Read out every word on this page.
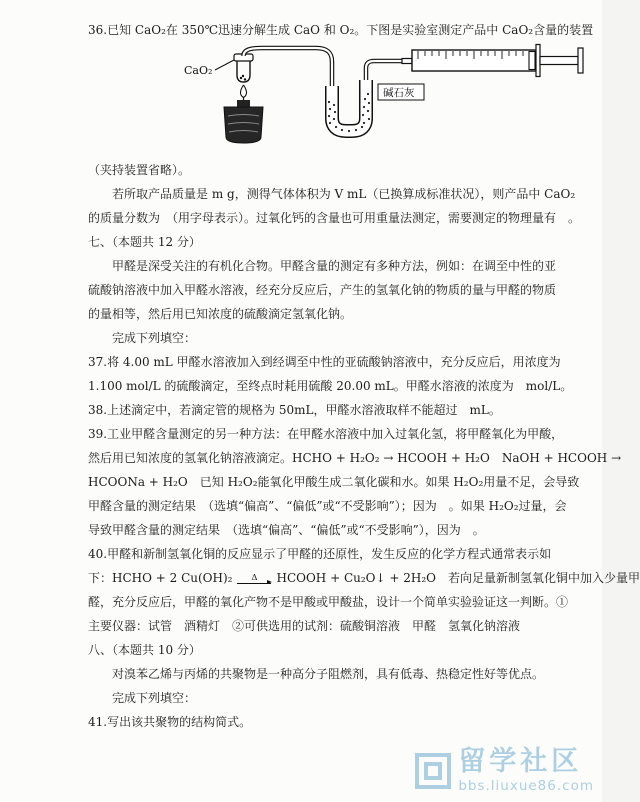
36.已知 CaO₂在 350℃迅速分解生成 CaO 和 O₂。下图是实验室测定产品中 CaO₂含量的装置
CaO₂
碱石灰
（夹持装置省略）。
若所取产品质量是 m g，测得气体体积为 V mL（已换算成标准状况），则产品中 CaO₂
的质量分数为　（用字母表示）。过氧化钙的含量也可用重量法测定，需要测定的物理量有　。
七、（本题共 12 分）
甲醛是深受关注的有机化合物。甲醛含量的测定有多种方法，例如：在调至中性的亚
硫酸钠溶液中加入甲醛水溶液，经充分反应后，产生的氢氧化钠的物质的量与甲醛的物质
的量相等，然后用已知浓度的硫酸滴定氢氧化钠。
完成下列填空：
37.将 4.00 mL 甲醛水溶液加入到经调至中性的亚硫酸钠溶液中，充分反应后，用浓度为
1.100 mol/L 的硫酸滴定，至终点时耗用硫酸 20.00 mL。甲醛水溶液的浓度为　mol/L。
38.上述滴定中，若滴定管的规格为 50mL，甲醛水溶液取样不能超过　mL。
39.工业甲醛含量测定的另一种方法：在甲醛水溶液中加入过氧化氢，将甲醛氧化为甲酸，
然后用已知浓度的氢氧化钠溶液滴定。HCHO + H₂O₂ → HCOOH + H₂O　NaOH + HCOOH →
HCOONa + H₂O　已知 H₂O₂能氧化甲酸生成二氧化碳和水。如果 H₂O₂用量不足，会导致
甲醛含量的测定结果　（选填“偏高”、“偏低”或“不受影响”）；因为　。如果 H₂O₂过量，会
导致甲醛含量的测定结果　（选填“偏高”、“偏低”或“不受影响”），因为　。
40.甲醛和新制氢氧化铜的反应显示了甲醛的还原性，发生反应的化学方程式通常表示如
下：HCHO + 2 Cu(OH)₂ Δ HCOOH + Cu₂O↓ + 2H₂O　若向足量新制氢氧化铜中加入少量甲
醛，充分反应后，甲醛的氧化产物不是甲酸或甲酸盐，设计一个简单实验验证这一判断。①
主要仪器：试管　酒精灯　②可供选用的试剂：硫酸铜溶液　甲醛　氢氧化钠溶液
八、（本题共 10 分）
对溴苯乙烯与丙烯的共聚物是一种高分子阻燃剂，具有低毒、热稳定性好等优点。
完成下列填空：
41.写出该共聚物的结构简式。
留学社区
bbs.liuxue86.com
